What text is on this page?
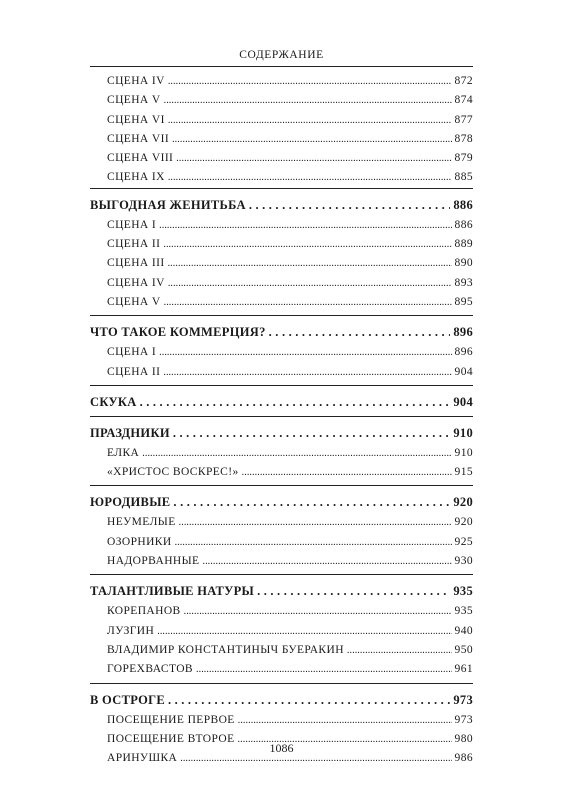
СОДЕРЖАНИЕ
СЦЕНА IV . . .	872
СЦЕНА V . . .	874
СЦЕНА VI . . .	877
СЦЕНА VII . . .	878
СЦЕНА VIII . . .	879
СЦЕНА IX . . .	885
ВЫГОДНАЯ ЖЕНИТЬБА . . .	886
СЦЕНА I . . .	886
СЦЕНА II . . .	889
СЦЕНА III . . .	890
СЦЕНА IV . . .	893
СЦЕНА V . . .	895
ЧТО ТАКОЕ КОММЕРЦИЯ? . . .	896
СЦЕНА I . . .	896
СЦЕНА II . . .	904
СКУКА . . .	904
ПРАЗДНИКИ . . .	910
ЕЛКА . . .	910
«ХРИСТОС ВОСКРЕС!» . . .	915
ЮРОДИВЫЕ . . .	920
НЕУМЕЛЫЕ . . .	920
ОЗОРНИКИ . . .	925
НАДОРВАННЫЕ . . .	930
ТАЛАНТЛИВЫЕ НАТУРЫ . . .	935
КОРЕПАНОВ . . .	935
ЛУЗГИН . . .	940
ВЛАДИМИР КОНСТАНТИНЫЧ БУЕРАКИН . . .	950
ГОРЕХВАСТОВ . . .	961
В ОСТРОГЕ . . .	973
ПОСЕЩЕНИЕ ПЕРВОЕ . . .	973
ПОСЕЩЕНИЕ ВТОРОЕ . . .	980
АРИНУШКА . . .	986
1086
